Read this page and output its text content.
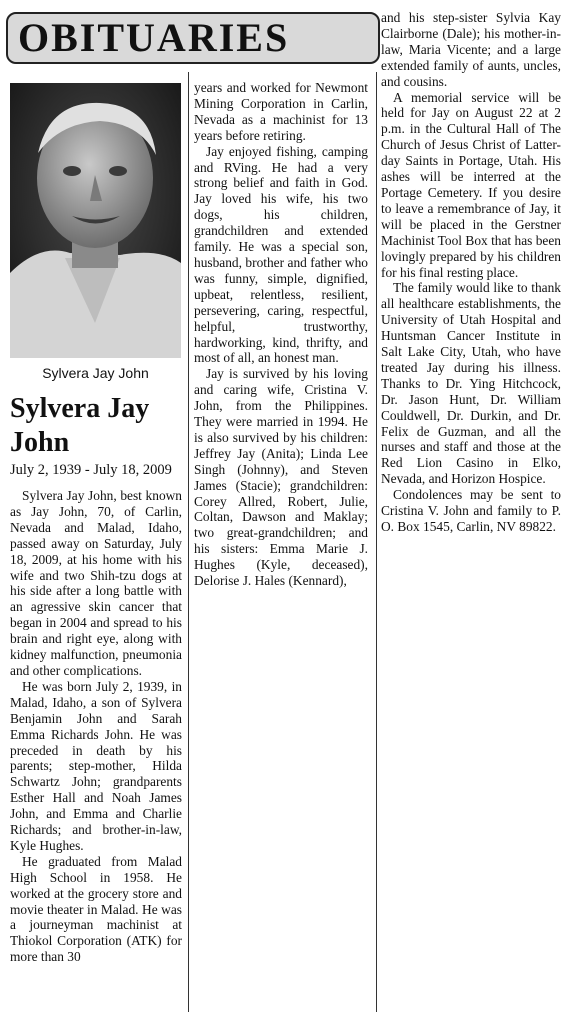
OBITUARIES
Sylvera Jay John
Sylvera Jay
John
July 2, 1939 - July 18, 2009

Sylvera Jay John, best known as Jay John, 70, of Carlin, Nevada and Malad, Idaho, passed away on Saturday, July 18, 2009, at his home with his wife and two Shih-tzu dogs at his side after a long battle with an agressive skin cancer that began in 2004 and spread to his brain and right eye, along with kidney malfunction, pneumonia and other complications.

He was born July 2, 1939, in Malad, Idaho, a son of Sylvera Benjamin John and Sarah Emma Richards John. He was preceded in death by his parents; step-mother, Hilda Schwartz John; grandparents Esther Hall and Noah James John, and Emma and Charlie Richards; and brother-in-law, Kyle Hughes.

He graduated from Malad High School in 1958. He worked at the grocery store and movie theater in Malad. He was a journeyman machinist at Thiokol Corporation (ATK) for more than 30

years and worked for Newmont Mining Corporation in Carlin, Nevada as a machinist for 13 years before retiring.

Jay enjoyed fishing, camping and RVing. He had a very strong belief and faith in God. Jay loved his wife, his two dogs, his children, grandchildren and extended family. He was a special son, husband, brother and father who was funny, simple, dignified, upbeat, relentless, resilient, persevering, caring, respectful, helpful, trustworthy, hardworking, kind, thrifty, and most of all, an honest man.

Jay is survived by his loving and caring wife, Cristina V. John, from the Philippines. They were married in 1994. He is also survived by his children: Jeffrey Jay (Anita); Linda Lee Singh (Johnny), and Steven James (Stacie); grandchildren: Corey Allred, Robert, Julie, Coltan, Dawson and Maklay; two great-grandchildren; and his sisters: Emma Marie J. Hughes (Kyle, deceased), Delorise J. Hales (Kennard),

and his step-sister Sylvia Kay Clairborne (Dale); his mother-in-law, Maria Vicente; and a large extended family of aunts, uncles, and cousins.

A memorial service will be held for Jay on August 22 at 2 p.m. in the Cultural Hall of The Church of Jesus Christ of Latter-day Saints in Portage, Utah. His ashes will be interred at the Portage Cemetery. If you desire to leave a remembrance of Jay, it will be placed in the Gerstner Machinist Tool Box that has been lovingly prepared by his children for his final resting place.

The family would like to thank all healthcare establishments, the University of Utah Hospital and Huntsman Cancer Institute in Salt Lake City, Utah, who have treated Jay during his illness. Thanks to Dr. Ying Hitchcock, Dr. Jason Hunt, Dr. William Couldwell, Dr. Durkin, and Dr. Felix de Guzman, and all the nurses and staff and those at the Red Lion Casino in Elko, Nevada, and Horizon Hospice.

Condolences may be sent to Cristina V. John and family to P. O. Box 1545, Carlin, NV 89822.
